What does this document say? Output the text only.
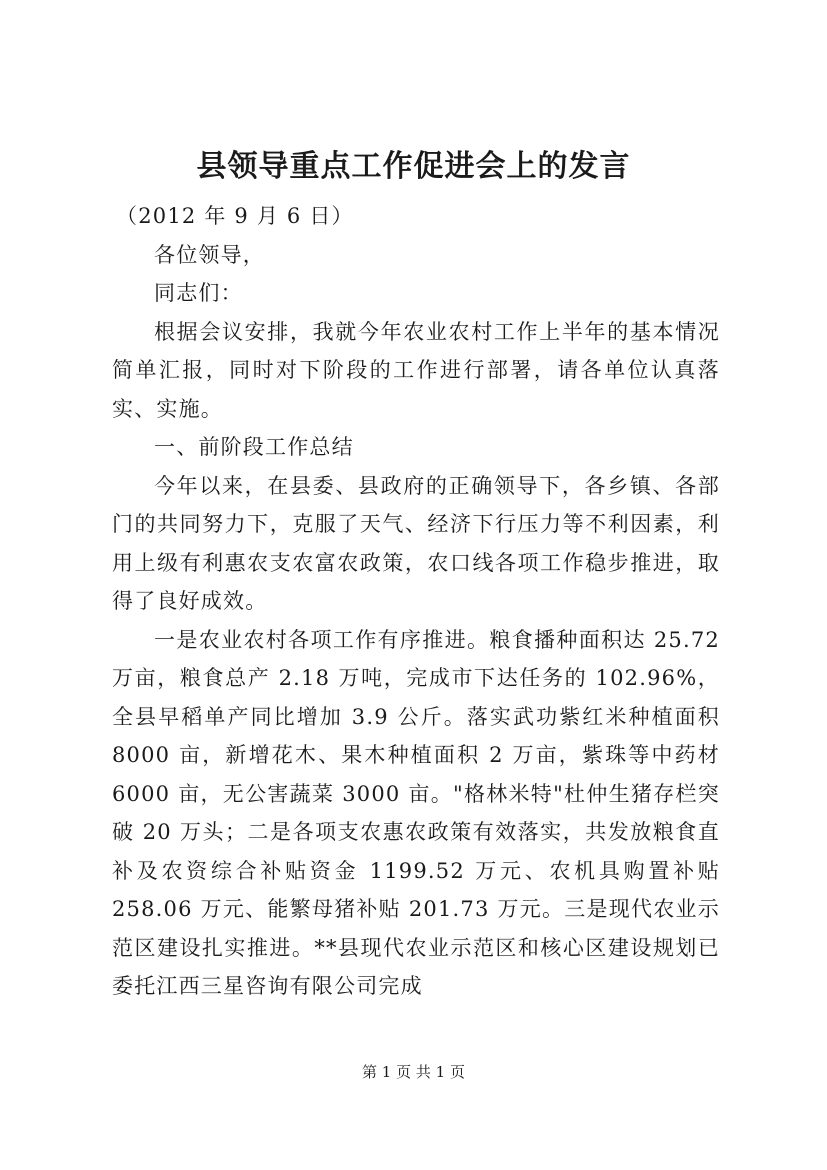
县领导重点工作促进会上的发言

（2012 年 9 月 6 日）

各位领导，

同志们：

根据会议安排，我就今年农业农村工作上半年的基本情况简单汇报，同时对下阶段的工作进行部署，请各单位认真落实、实施。

一、前阶段工作总结

今年以来，在县委、县政府的正确领导下，各乡镇、各部门的共同努力下，克服了天气、经济下行压力等不利因素，利用上级有利惠农支农富农政策，农口线各项工作稳步推进，取得了良好成效。

一是农业农村各项工作有序推进。粮食播种面积达 25.72 万亩，粮食总产 2.18 万吨，完成市下达任务的 102.96%，全县早稻单产同比增加 3.9 公斤。落实武功紫红米种植面积 8000 亩，新增花木、果木种植面积 2 万亩，紫珠等中药材 6000 亩，无公害蔬菜 3000 亩。"格林米特"杜仲生猪存栏突破 20 万头；二是各项支农惠农政策有效落实，共发放粮食直补及农资综合补贴资金 1199.52 万元、农机具购置补贴 258.06 万元、能繁母猪补贴 201.73 万元。三是现代农业示范区建设扎实推进。**县现代农业示范区和核心区建设规划已委托江西三星咨询有限公司完成

第 1 页 共 1 页
